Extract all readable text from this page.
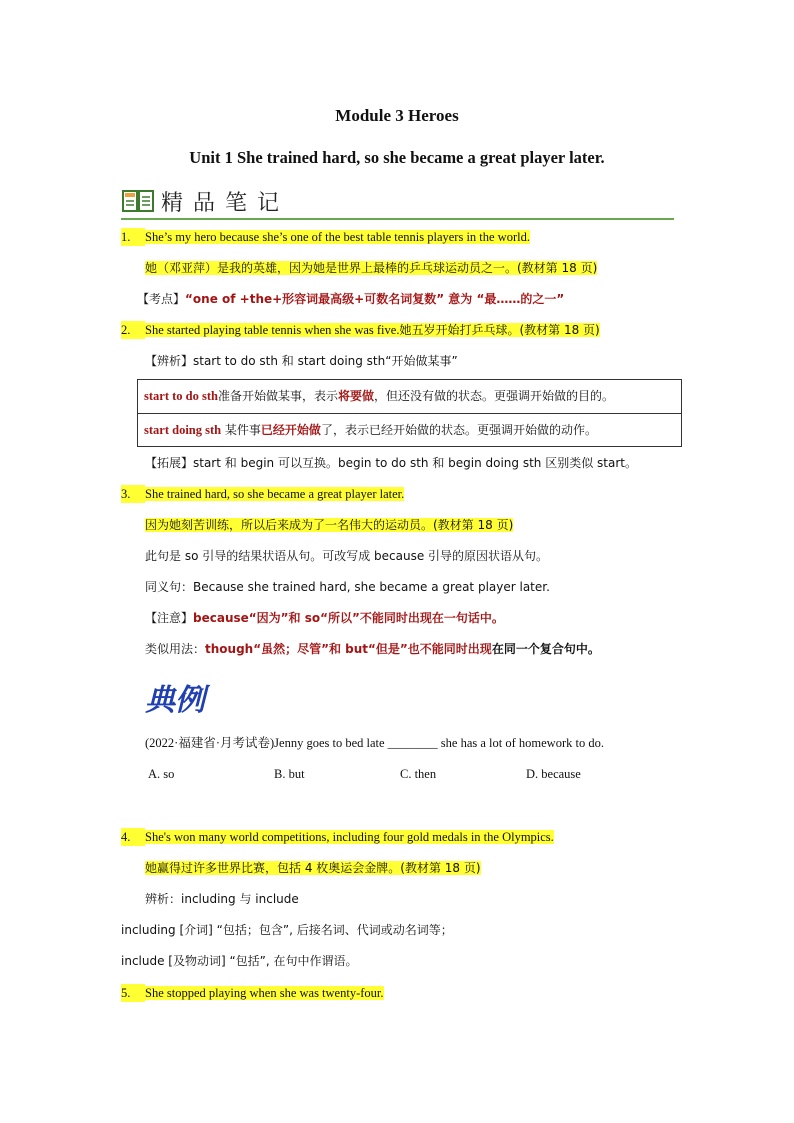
Module 3 Heroes
Unit 1 She trained hard, so she became a great player later.
精品笔记
1. She’s my hero because she’s one of the best table tennis players in the world.
她（邓亚萍）是我的英雄，因为她是世界上最棒的乒乓球运动员之一。(教材第 18 页)
【考点】“one of +the+形容词最高级+可数名词复数” 意为 “最……的之一”
2. She started playing table tennis when she was five.她五岁开始打乒乓球。(教材第 18 页)
【辨析】start to do sth 和 start doing sth“开始做某事”
start to do sth准备开始做某事，表示将要做，但还没有做的状态。更强调开始做的目的。
start doing sth 某件事已经开始做了，表示已经开始做的状态。更强调开始做的动作。
【拓展】start 和 begin 可以互换。begin to do sth 和 begin doing sth 区别类似 start。
3. She trained hard, so she became a great player later.
因为她刻苦训练，所以后来成为了一名伟大的运动员。(教材第 18 页)
此句是 so 引导的结果状语从句。可改写成 because 引导的原因状语从句。
同义句：Because she trained hard, she became a great player later.
【注意】because“因为”和 so“所以”不能同时出现在一句话中。
类似用法：though“虽然；尽管”和 but“但是”也不能同时出现在同一个复合句中。
典例
(2022·福建省·月考试卷)Jenny goes to bed late ________ she has a lot of homework to do.
A. so	B. but	C. then	D. because
4. She's won many world competitions, including four gold medals in the Olympics.
她赢得过许多世界比赛，包括 4 枚奥运会金牌。(教材第 18 页)
辨析：including 与 include
including [介词] “包括；包含”, 后接名词、代词或动名词等；
include [及物动词] “包括”, 在句中作谓语。
5. She stopped playing when she was twenty-four.
